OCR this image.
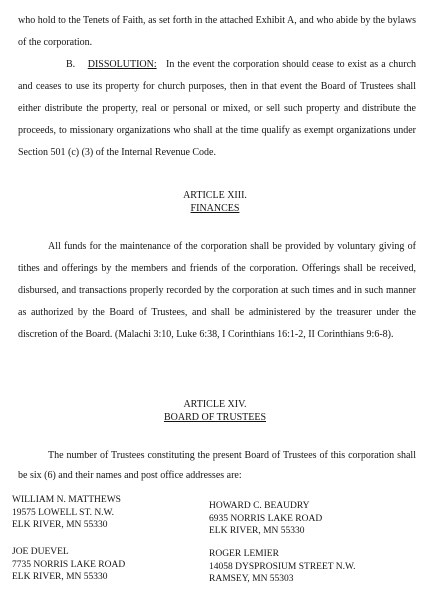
who hold to the Tenets of Faith, as set forth in the attached Exhibit A, and who abide by the bylaws of the corporation.

B. DISSOLUTION: In the event the corporation should cease to exist as a church and ceases to use its property for church purposes, then in that event the Board of Trustees shall either distribute the property, real or personal or mixed, or sell such property and distribute the proceeds, to missionary organizations who shall at the time qualify as exempt organizations under Section 501 (c) (3) of the Internal Revenue Code.

ARTICLE XIII.
FINANCES

All funds for the maintenance of the corporation shall be provided by voluntary giving of tithes and offerings by the members and friends of the corporation. Offerings shall be received, disbursed, and transactions properly recorded by the corporation at such times and in such manner as authorized by the Board of Trustees, and shall be administered by the treasurer under the discretion of the Board. (Malachi 3:10, Luke 6:38, I Corinthians 16:1-2, II Corinthians 9:6-8).

ARTICLE XIV.
BOARD OF TRUSTEES

The number of Trustees constituting the present Board of Trustees of this corporation shall be six (6) and their names and post office addresses are:

WILLIAM N. MATTHEWS
19575 LOWELL ST. N.W.
ELK RIVER, MN 55330
HOWARD C. BEAUDRY
6935 NORRIS LAKE ROAD
ELK RIVER, MN 55330
JOE DUEVEL
7735 NORRIS LAKE ROAD
ELK RIVER, MN 55330
ROGER LEMIER
14058 DYSPROSIUM STREET N.W.
RAMSEY, MN 55303
